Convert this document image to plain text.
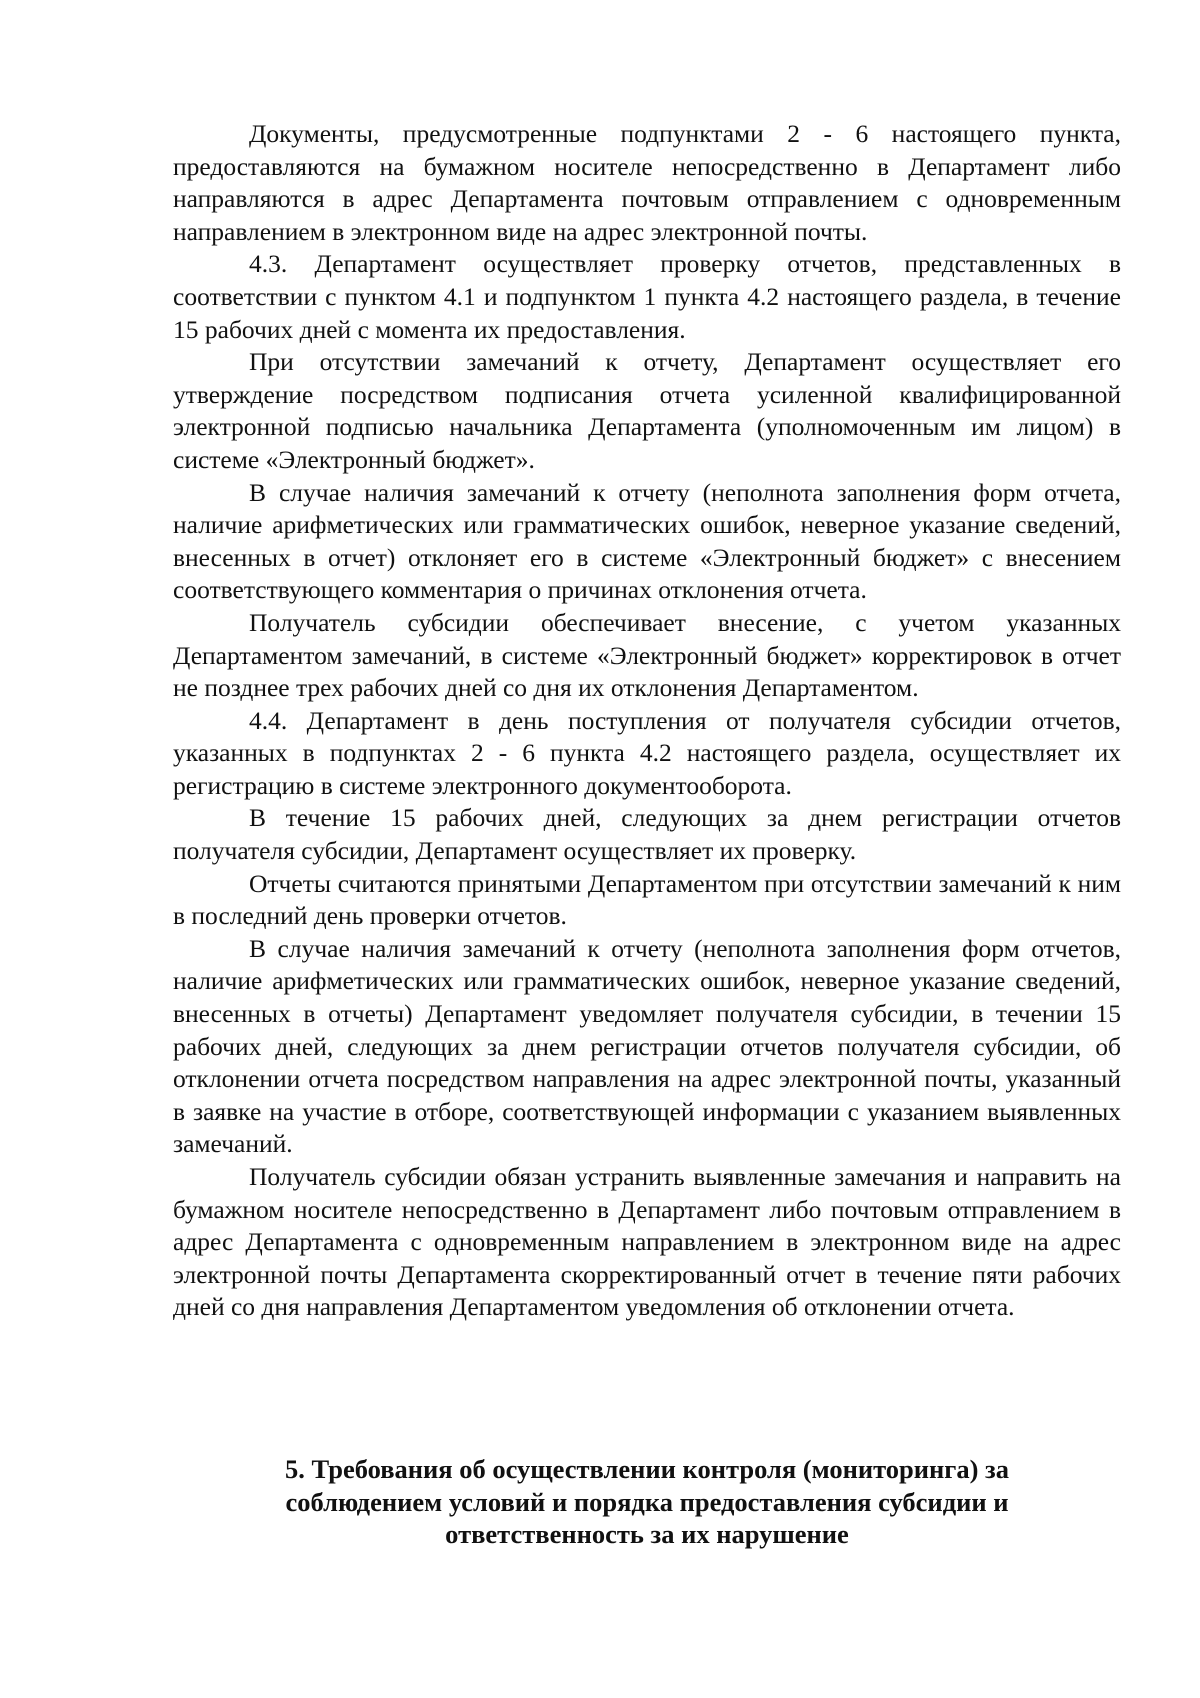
Документы, предусмотренные подпунктами 2 - 6 настоящего пункта, предоставляются на бумажном носителе непосредственно в Департамент либо направляются в адрес Департамента почтовым отправлением с одновременным направлением в электронном виде на адрес электронной почты.

4.3. Департамент осуществляет проверку отчетов, представленных в соответствии с пунктом 4.1 и подпунктом 1 пункта 4.2 настоящего раздела, в течение 15 рабочих дней с момента их предоставления.

При отсутствии замечаний к отчету, Департамент осуществляет его утверждение посредством подписания отчета усиленной квалифицированной электронной подписью начальника Департамента (уполномоченным им лицом) в системе «Электронный бюджет».

В случае наличия замечаний к отчету (неполнота заполнения форм отчета, наличие арифметических или грамматических ошибок, неверное указание сведений, внесенных в отчет) отклоняет его в системе «Электронный бюджет» с внесением соответствующего комментария о причинах отклонения отчета.

Получатель субсидии обеспечивает внесение, с учетом указанных Департаментом замечаний, в системе «Электронный бюджет» корректировок в отчет не позднее трех рабочих дней со дня их отклонения Департаментом.

4.4. Департамент в день поступления от получателя субсидии отчетов, указанных в подпунктах 2 - 6 пункта 4.2 настоящего раздела, осуществляет их регистрацию в системе электронного документооборота.

В течение 15 рабочих дней, следующих за днем регистрации отчетов получателя субсидии, Департамент осуществляет их проверку.

Отчеты считаются принятыми Департаментом при отсутствии замечаний к ним в последний день проверки отчетов.

В случае наличия замечаний к отчету (неполнота заполнения форм отчетов, наличие арифметических или грамматических ошибок, неверное указание сведений, внесенных в отчеты) Департамент уведомляет получателя субсидии, в течении 15 рабочих дней, следующих за днем регистрации отчетов получателя субсидии, об отклонении отчета посредством направления на адрес электронной почты, указанный в заявке на участие в отборе, соответствующей информации с указанием выявленных замечаний.

Получатель субсидии обязан устранить выявленные замечания и направить на бумажном носителе непосредственно в Департамент либо почтовым отправлением в адрес Департамента с одновременным направлением в электронном виде на адрес электронной почты Департамента скорректированный отчет в течение пяти рабочих дней со дня направления Департаментом уведомления об отклонении отчета.

5. Требования об осуществлении контроля (мониторинга) за
соблюдением условий и порядка предоставления субсидии и
ответственность за их нарушение
